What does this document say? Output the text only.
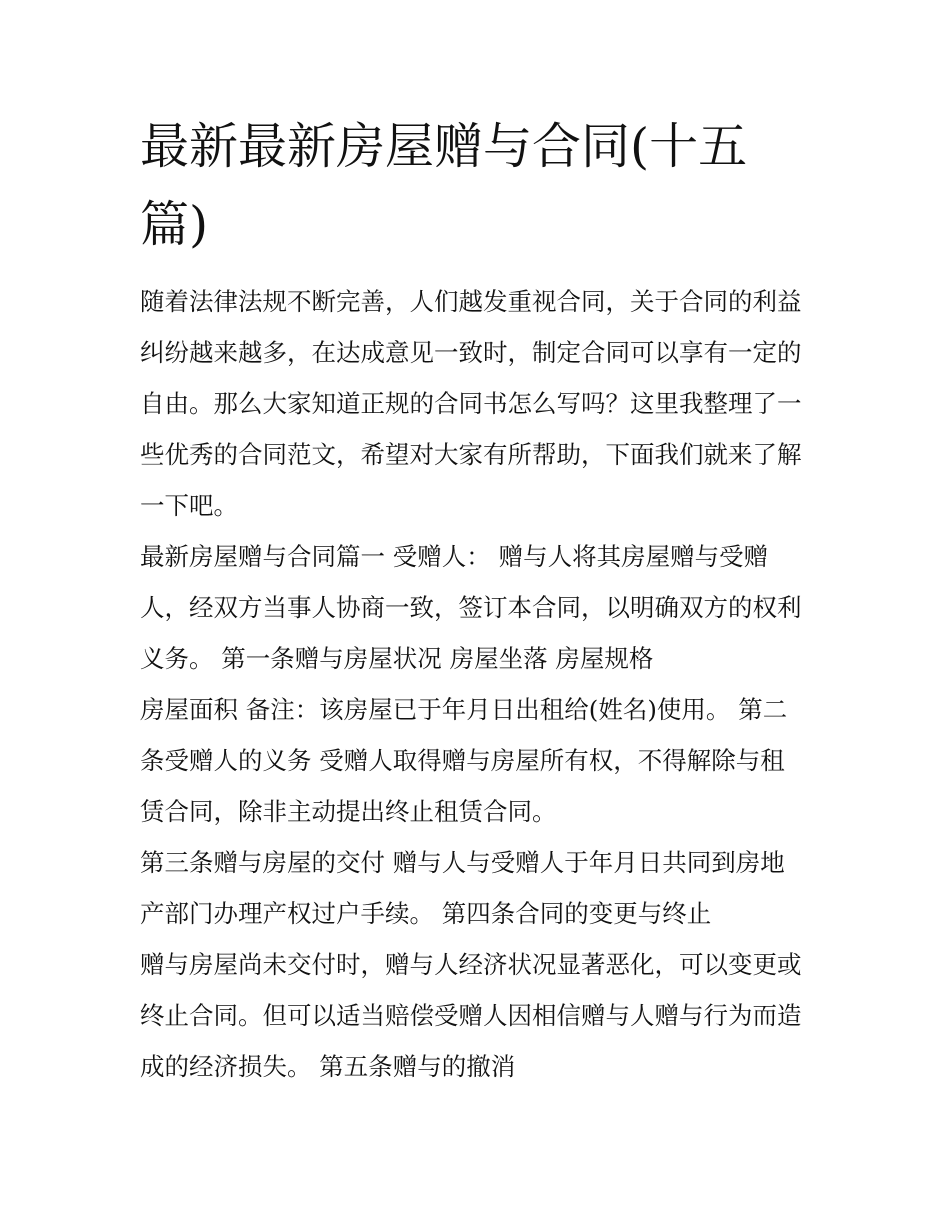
最新最新房屋赠与合同(十五
篇)

随着法律法规不断完善，人们越发重视合同，关于合同的利益

纠纷越来越多，在达成意见一致时，制定合同可以享有一定的

自由。那么大家知道正规的合同书怎么写吗？这里我整理了一

些优秀的合同范文，希望对大家有所帮助，下面我们就来了解

一下吧。

最新房屋赠与合同篇一 受赠人： 赠与人将其房屋赠与受赠

人，经双方当事人协商一致，签订本合同，以明确双方的权利

义务。 第一条赠与房屋状况 房屋坐落 房屋规格

房屋面积 备注：该房屋已于年月日出租给(姓名)使用。 第二

条受赠人的义务 受赠人取得赠与房屋所有权，不得解除与租

赁合同，除非主动提出终止租赁合同。

第三条赠与房屋的交付 赠与人与受赠人于年月日共同到房地

产部门办理产权过户手续。 第四条合同的变更与终止

赠与房屋尚未交付时，赠与人经济状况显著恶化，可以变更或

终止合同。但可以适当赔偿受赠人因相信赠与人赠与行为而造

成的经济损失。 第五条赠与的撤消
